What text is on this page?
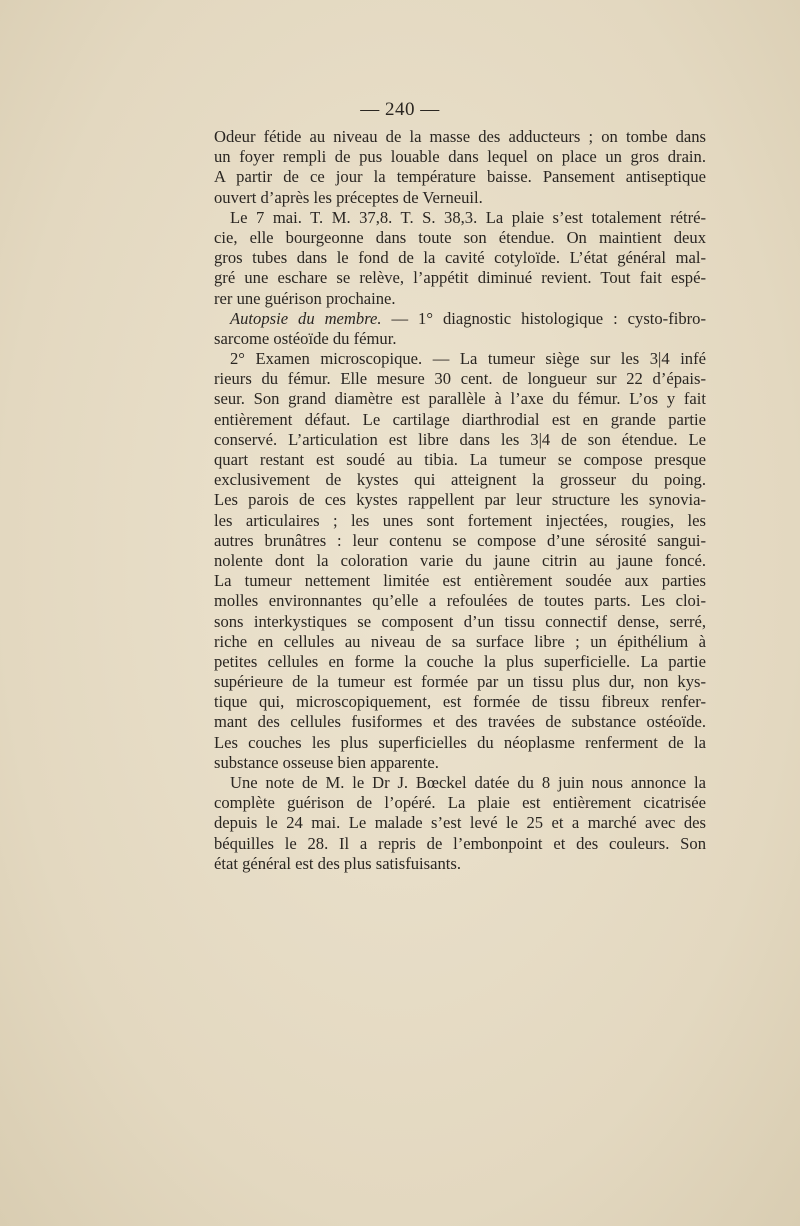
— 240 —
Odeur fétide au niveau de la masse des adducteurs ; on tombe dans
un foyer rempli de pus louable dans lequel on place un gros drain.
A partir de ce jour la température baisse. Pansement antiseptique
ouvert d’après les préceptes de Verneuil.
Le 7 mai. T. M. 37,8. T. S. 38,3. La plaie s’est totalement rétré-
cie, elle bourgeonne dans toute son étendue. On maintient deux
gros tubes dans le fond de la cavité cotyloïde. L’état général mal-
gré une eschare se relève, l’appétit diminué revient. Tout fait espé-
rer une guérison prochaine.
Autopsie du membre. — 1° diagnostic histologique : cysto-fibro-
sarcome ostéoïde du fémur.
2° Examen microscopique. — La tumeur siège sur les 3|4 infé
rieurs du fémur. Elle mesure 30 cent. de longueur sur 22 d’épais-
seur. Son grand diamètre est parallèle à l’axe du fémur. L’os y fait
entièrement défaut. Le cartilage diarthrodial est en grande partie
conservé. L’articulation est libre dans les 3|4 de son étendue. Le
quart restant est soudé au tibia. La tumeur se compose presque
exclusivement de kystes qui atteignent la grosseur du poing.
Les parois de ces kystes rappellent par leur structure les synovia-
les articulaires ; les unes sont fortement injectées, rougies, les
autres brunâtres : leur contenu se compose d’une sérosité sangui-
nolente dont la coloration varie du jaune citrin au jaune foncé.
La tumeur nettement limitée est entièrement soudée aux parties
molles environnantes qu’elle a refoulées de toutes parts. Les cloi-
sons interkystiques se composent d’un tissu connectif dense, serré,
riche en cellules au niveau de sa surface libre ; un épithélium à
petites cellules en forme la couche la plus superficielle. La partie
supérieure de la tumeur est formée par un tissu plus dur, non kys-
tique qui, microscopiquement, est formée de tissu fibreux renfer-
mant des cellules fusiformes et des travées de substance ostéoïde.
Les couches les plus superficielles du néoplasme renferment de la
substance osseuse bien apparente.
Une note de M. le Dr J. Bœckel datée du 8 juin nous annonce la
complète guérison de l’opéré. La plaie est entièrement cicatrisée
depuis le 24 mai. Le malade s’est levé le 25 et a marché avec des
béquilles le 28. Il a repris de l’embonpoint et des couleurs. Son
état général est des plus satisfuisants.
